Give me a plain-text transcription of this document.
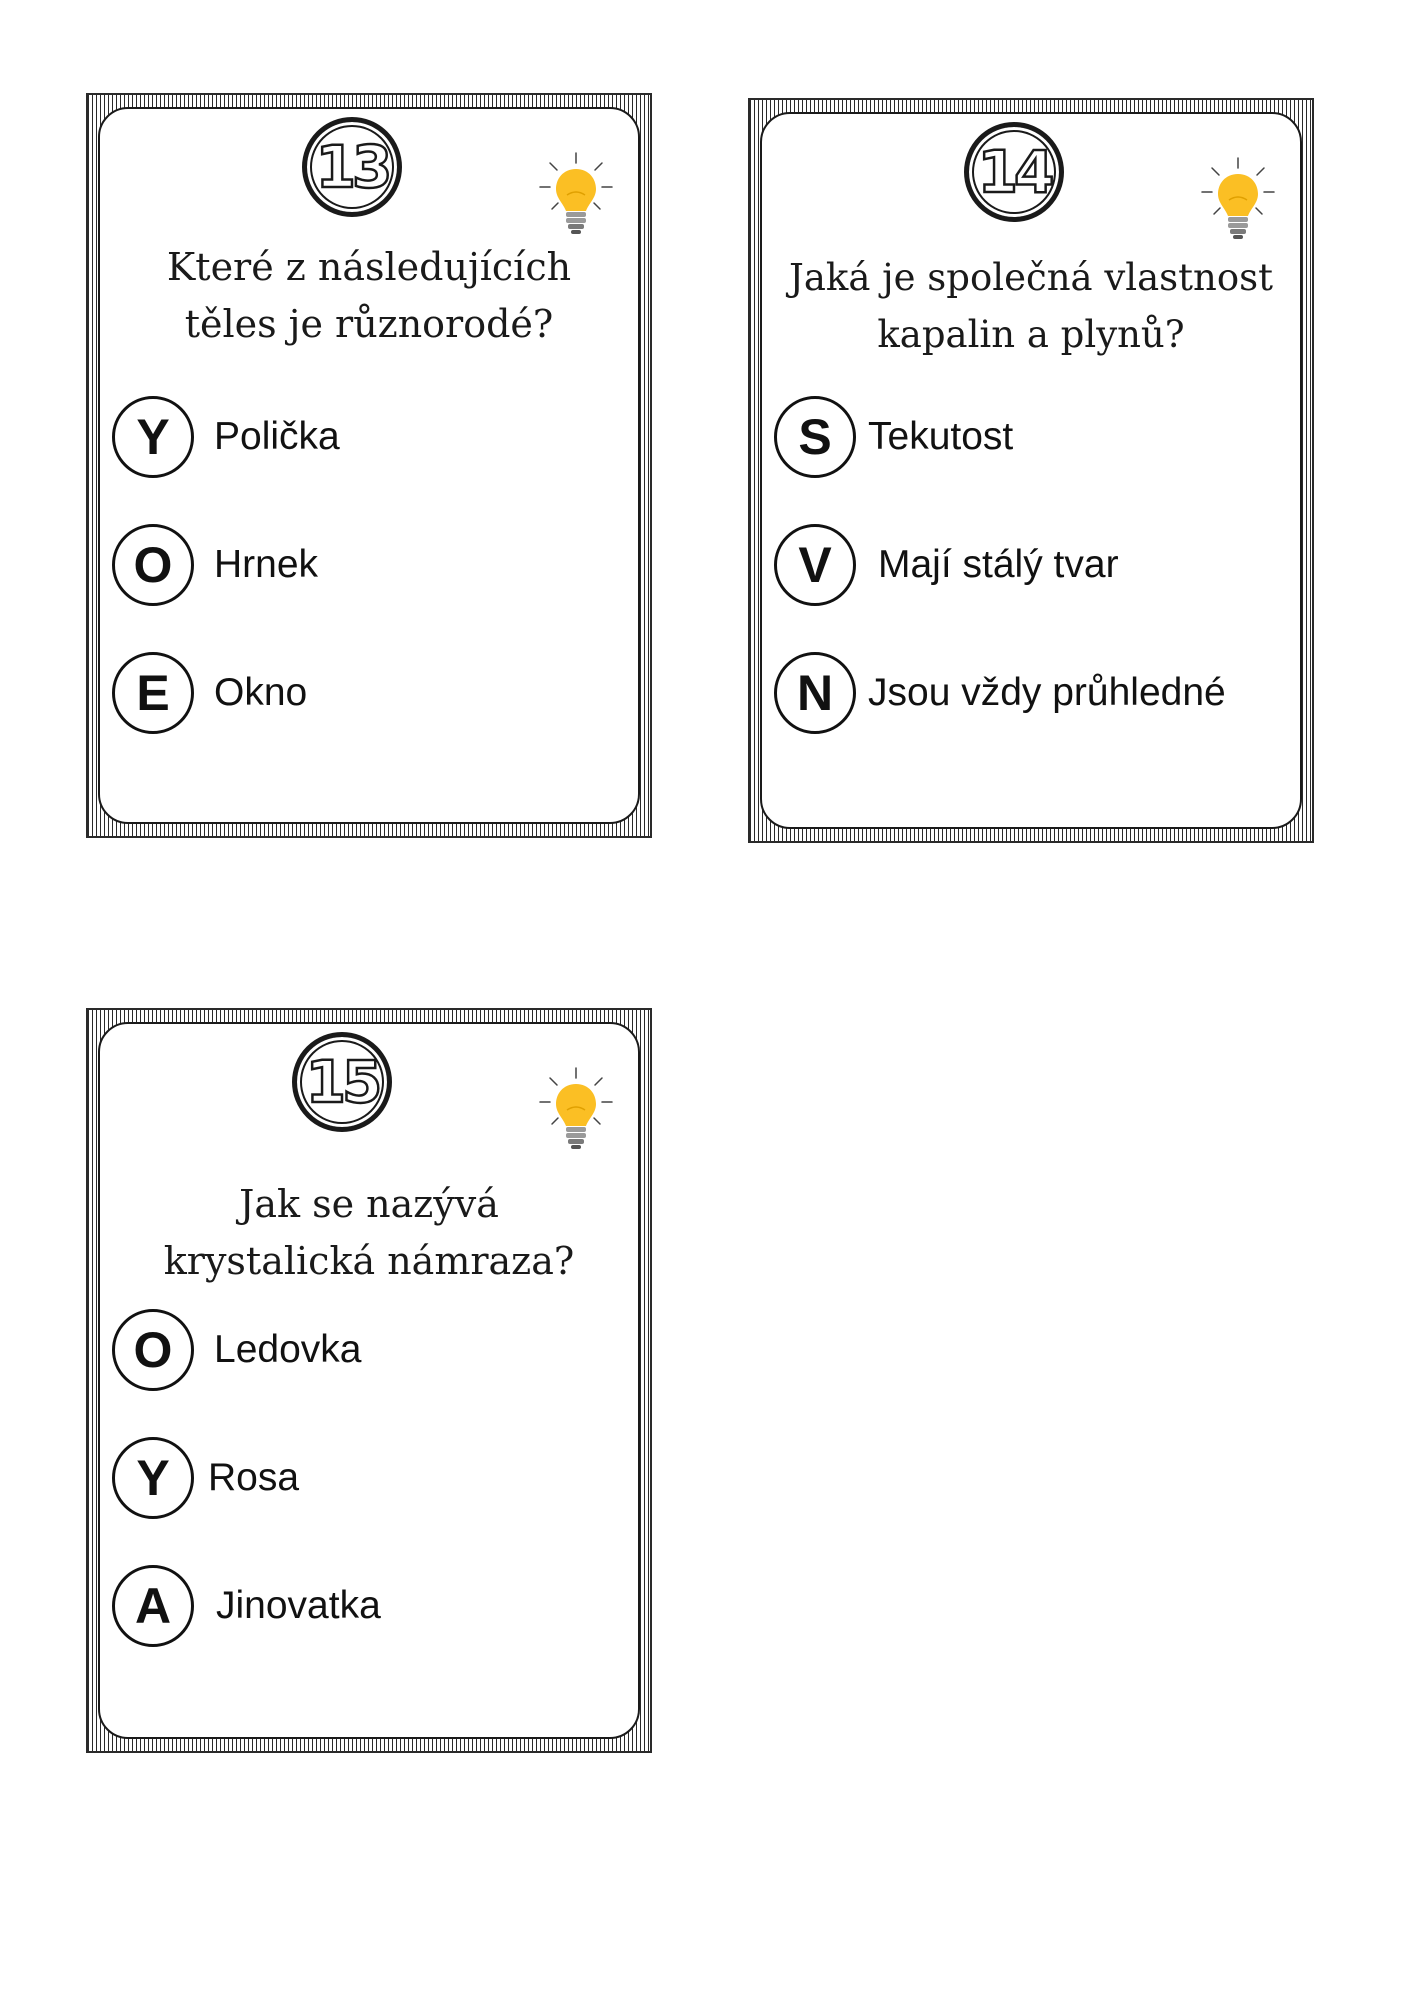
13
Které z následujících
těles je různorodé?
Y	Polička
O	Hrnek
E	Okno
14
Jaká je společná vlastnost
kapalin a plynů?
S Tekutost
V	Mají stálý tvar
N Jsou vždy průhledné
15
Jak se nazývá
krystalická námraza?
O	Ledovka
Y Rosa
A	Jinovatka
